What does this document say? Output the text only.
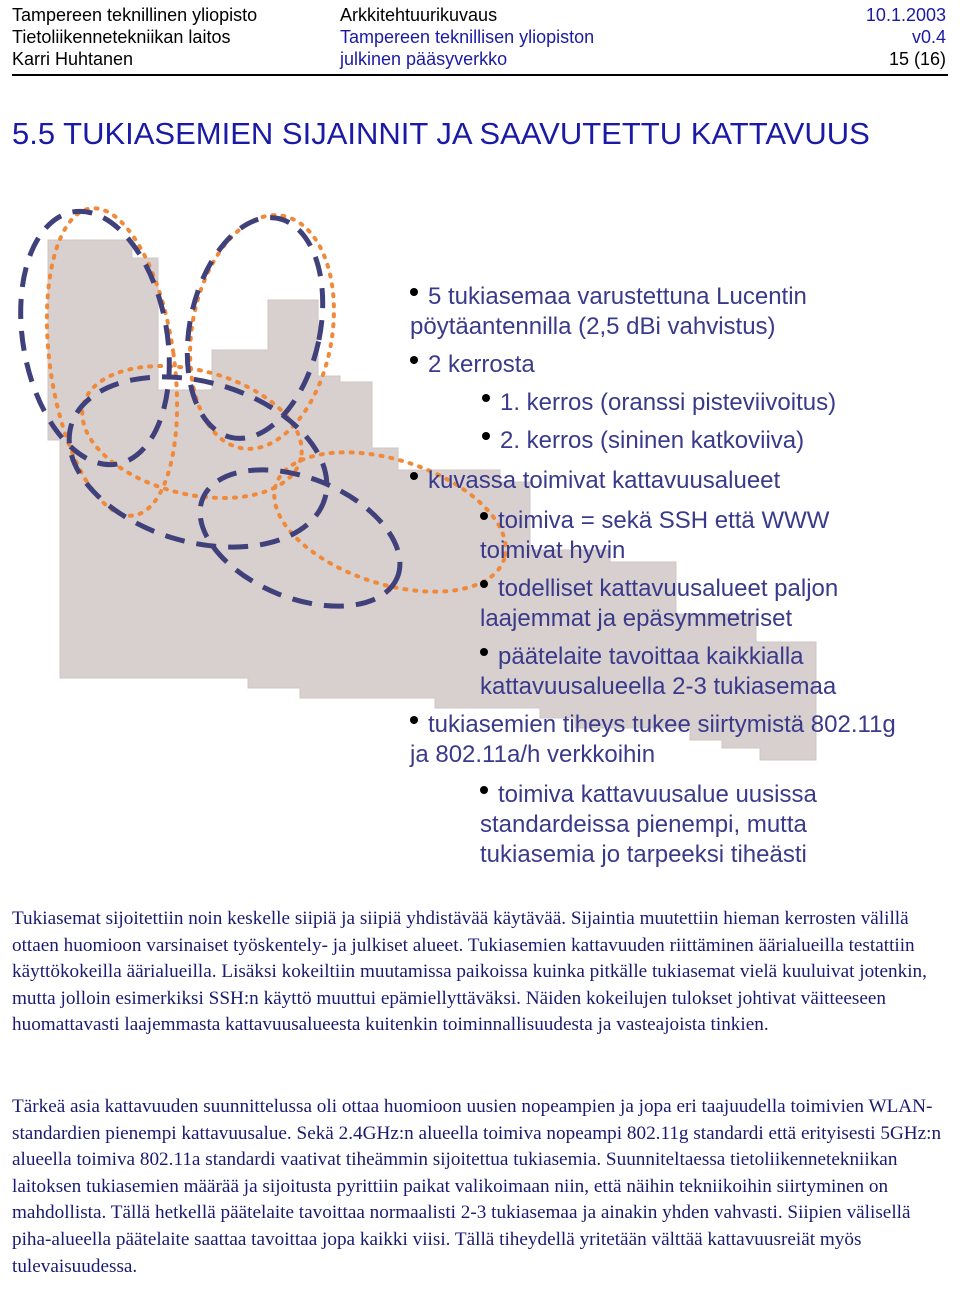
Tampereen teknillinen yliopisto
Tietoliikennetekniikan laitos
Karri Huhtanen
Arkkitehtuurikuvaus
Tampereen teknillisen yliopiston
julkinen pääsyverkko
10.1.2003
v0.4
15 (16)
5.5 TUKIASEMIEN SIJAINNIT JA SAAVUTETTU KATTAVUUS
5 tukiasemaa varustettuna Lucentin
pöytäantennilla (2,5 dBi vahvistus)
2 kerrosta
1. kerros (oranssi pisteviivoitus)
2. kerros (sininen katkoviiva)
kuvassa toimivat kattavuusalueet
toimiva = sekä SSH että WWW
toimivat hyvin
todelliset kattavuusalueet paljon
laajemmat ja epäsymmetriset
päätelaite tavoittaa kaikkialla
kattavuusalueella 2-3 tukiasemaa
tukiasemien tiheys tukee siirtymistä 802.11g
ja 802.11a/h verkkoihin
toimiva kattavuusalue uusissa
standardeissa pienempi, mutta
tukiasemia jo tarpeeksi tiheästi
Tukiasemat sijoitettiin noin keskelle siipiä ja siipiä yhdistävää käytävää. Sijaintia muutettiin hieman kerrosten välillä ottaen huomioon varsinaiset työskentely- ja julkiset alueet. Tukiasemien kattavuuden riittäminen äärialueilla testattiin käyttökokeilla äärialueilla. Lisäksi kokeiltiin muutamissa paikoissa kuinka pitkälle tukiasemat vielä kuuluivat jotenkin, mutta jolloin esimerkiksi SSH:n käyttö muuttui epämiellyttäväksi. Näiden kokeilujen tulokset johtivat väitteeseen huomattavasti laajemmasta kattavuusalueesta kuitenkin toiminnallisuudesta ja vasteajoista tinkien.
Tärkeä asia kattavuuden suunnittelussa oli ottaa huomioon uusien nopeampien ja jopa eri taajuudella toimivien WLAN-standardien pienempi kattavuusalue. Sekä 2.4GHz:n alueella toimiva nopeampi 802.11g standardi että erityisesti 5GHz:n alueella toimiva 802.11a standardi vaativat tiheämmin sijoitettua tukiasemia. Suunniteltaessa tietoliikennetekniikan laitoksen tukiasemien määrää ja sijoitusta pyrittiin paikat valikoimaan niin, että näihin tekniikoihin siirtyminen on mahdollista. Tällä hetkellä päätelaite tavoittaa normaalisti 2-3 tukiasemaa ja ainakin yhden vahvasti. Siipien välisellä piha-alueella päätelaite saattaa tavoittaa jopa kaikki viisi. Tällä tiheydellä yritetään välttää kattavuusreiät myös tulevaisuudessa.
